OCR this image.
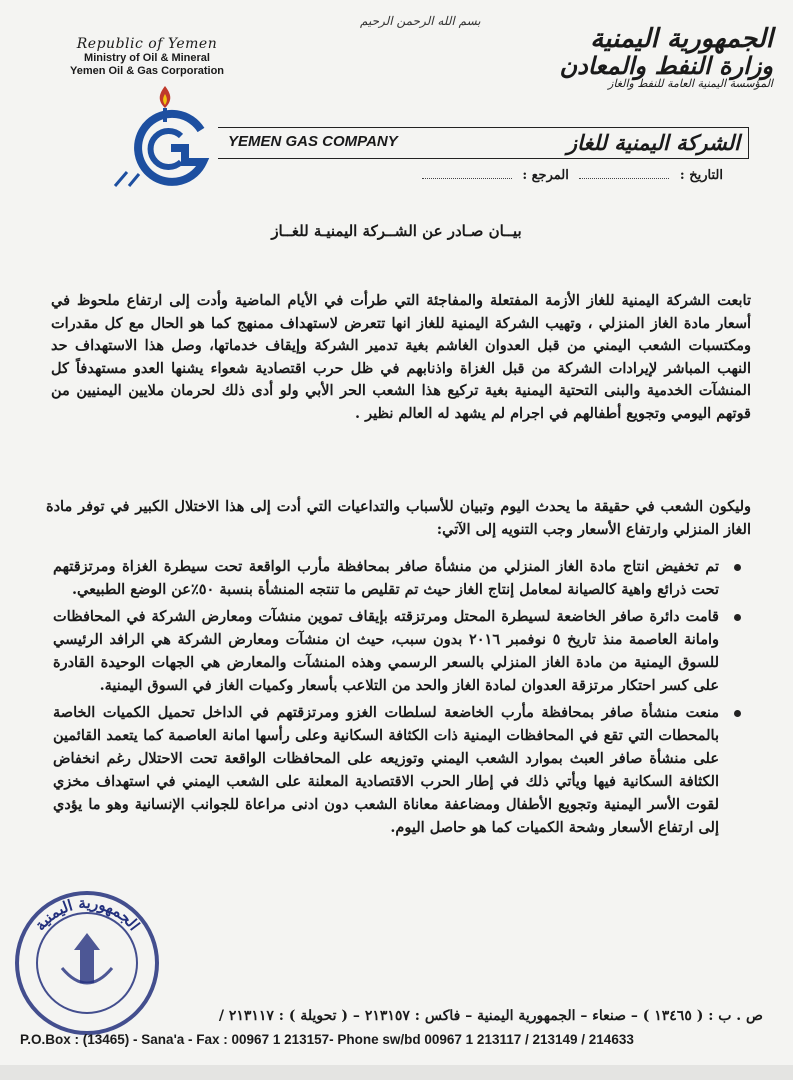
بسم الله الرحمن الرحيم
Republic of Yemen
Ministry of Oil & Mineral
Yemen Oil & Gas Corporation
الجمهورية اليمنية
وزارة النفط والمعادن
المؤسسة اليمنية العامة للنفط والغاز
YEMEN GAS COMPANY	الشركة اليمنية للغاز
التاريخ :  المرجع :
بيــان صـادر عن الشــركة اليمنيـة للغــاز
تابعت الشركة اليمنية للغاز الأزمة المفتعلة والمفاجئة التي طرأت في الأيام الماضية وأدت إلى ارتفاع ملحوظ في أسعار مادة الغاز المنزلي ، وتهيب الشركة اليمنية للغاز انها تتعرض لاستهداف ممنهج كما هو الحال مع كل مقدرات ومكتسبات الشعب اليمني من قبل العدوان الغاشم بغية تدمير الشركة وإيقاف خدماتها، وصل هذا الاستهداف حد النهب المباشر لإيرادات الشركة من قبل الغزاة واذنابهم في ظل حرب اقتصادية شعواء يشنها العدو مستهدفاً كل المنشآت الخدمية والبنى التحتية اليمنية بغية تركيع هذا الشعب الحر الأبي ولو أدى ذلك لحرمان ملايين اليمنيين من قوتهم اليومي وتجويع أطفالهم في اجرام لم يشهد له العالم نظير .
وليكون الشعب في حقيقة ما يحدث اليوم وتبيان للأسباب والتداعيات التي أدت إلى هذا الاختلال الكبير في توفر مادة الغاز المنزلي وارتفاع الأسعار وجب التنويه إلى الآتي:
تم تخفيض انتاج مادة الغاز المنزلي من منشأة صافر بمحافظة مأرب الواقعة تحت سيطرة الغزاة ومرتزقتهم تحت ذرائع واهية كالصيانة لمعامل إنتاج الغاز حيث تم تقليص ما تنتجه المنشأة بنسبة ٥٠٪عن الوضع الطبيعي.
قامت دائرة صافر الخاضعة لسيطرة المحتل ومرتزقته بإيقاف تموين منشآت ومعارض الشركة في المحافظات وامانة العاصمة منذ تاريخ ٥ نوفمبر ٢٠١٦ بدون سبب، حيث ان منشآت ومعارض الشركة هي الرافد الرئيسي للسوق اليمنية من مادة الغاز المنزلي بالسعر الرسمي وهذه المنشآت والمعارض هي الجهات الوحيدة القادرة على كسر احتكار مرتزقة العدوان لمادة الغاز والحد من التلاعب بأسعار وكميات الغاز في السوق اليمنية.
منعت منشأة صافر بمحافظة مأرب الخاضعة لسلطات الغزو ومرتزقتهم في الداخل تحميل الكميات الخاصة بالمحطات التي تقع في المحافظات اليمنية ذات الكثافة السكانية وعلى رأسها امانة العاصمة كما يتعمد القائمين على منشأة صافر العبث بموارد الشعب اليمني وتوزيعه على المحافظات الواقعة تحت الاحتلال رغم انخفاض الكثافة السكانية فيها ويأتي ذلك في إطار الحرب الاقتصادية المعلنة على الشعب اليمني في استهداف مخزي لقوت الأسر اليمنية وتجويع الأطفال ومضاعفة معاناة الشعب دون ادنى مراعاة للجوانب الإنسانية وهو ما يؤدي إلى ارتفاع الأسعار وشحة الكميات كما هو حاصل اليوم.
الجمهورية اليمنية
ص . ب : ( ١٣٤٦٥ ) – صنعاء – الجمهورية اليمنية – فاكس : ٢١٣١٥٧ – ( تحويلة ) : ٢١٣١١٧ /
P.O.Box : (13465) - Sana'a - Fax : 00967 1 213157- Phone sw/bd 00967 1 213117 / 213149 / 214633
